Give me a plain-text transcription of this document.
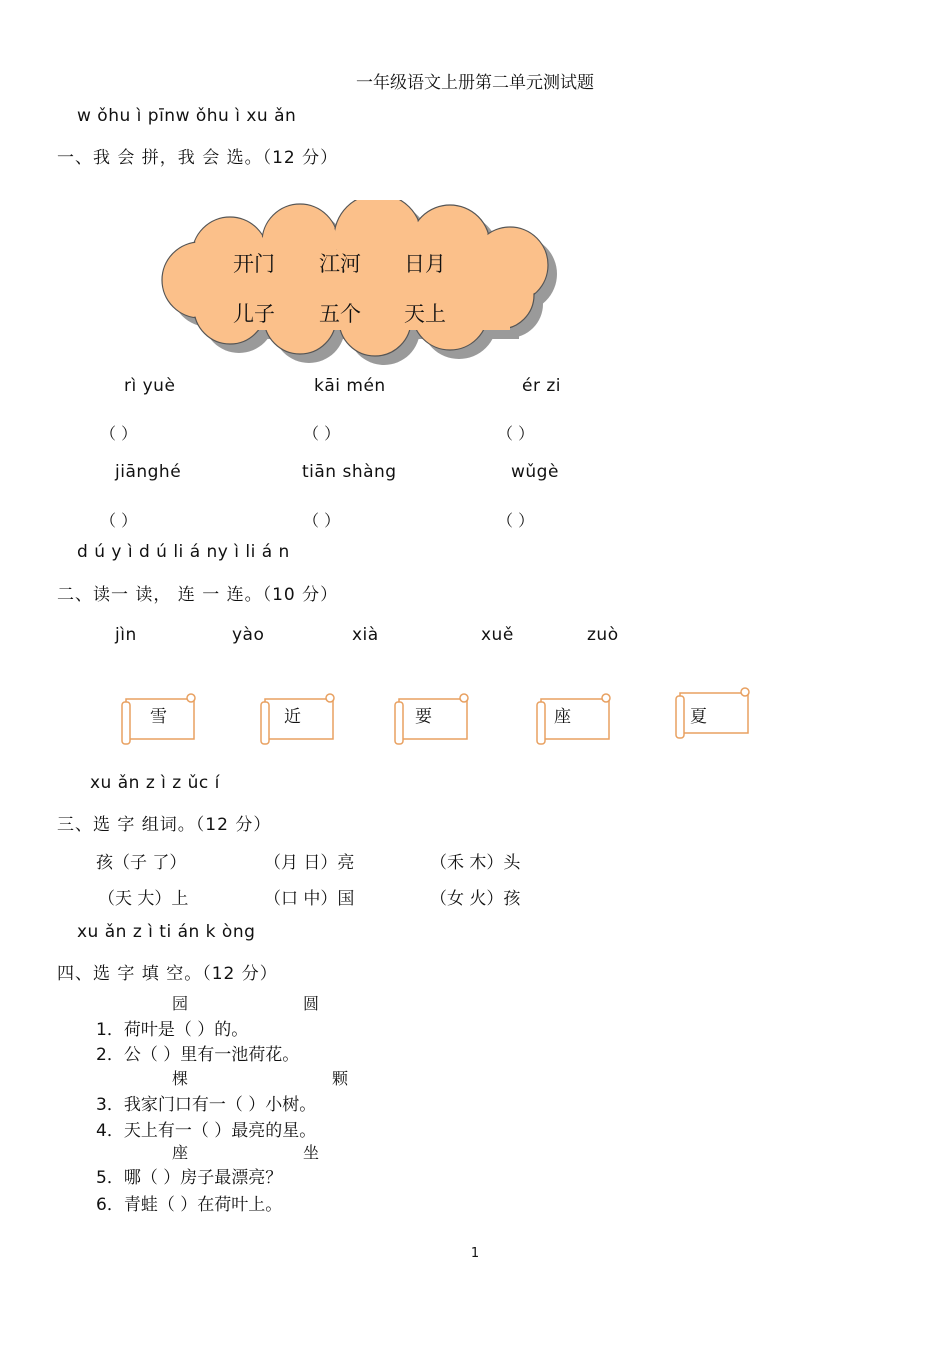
一年级语文上册第二单元测试题
w ǒhu ì pīnw ǒhu ì xu ǎn
一、我 会 拼，我 会 选。（12 分）
开门 江河 日月
儿子 五个 天上
rì yuè	kāi mén	ér zi
（ ）	（ ）	（ ）
jiānghé	tiān shàng	wǔgè
（ ）	（ ）	（ ）
d ú y ì d ú li á ny ì li á n
二、读一 读， 连 一 连。（10 分）
jìn	yào	xià	xuě	zuò
雪	近	要	座	夏
xu ǎn z ì z ǔc í
三、选 字 组词。（12 分）
孩（子 了）	（月 日）亮	（禾 木）头
（天 大）上	（口 中）国	（女 火）孩
xu ǎn z ì ti án k òng
四、选 字 填 空。（12 分）
园	圆
1．荷叶是（ ）的。
2．公（ ）里有一池荷花。
棵	颗
3．我家门口有一（ ）小树。
4．天上有一（ ）最亮的星。
座	坐
5．哪（ ）房子最漂亮？
6．青蛙（ ）在荷叶上。
1
